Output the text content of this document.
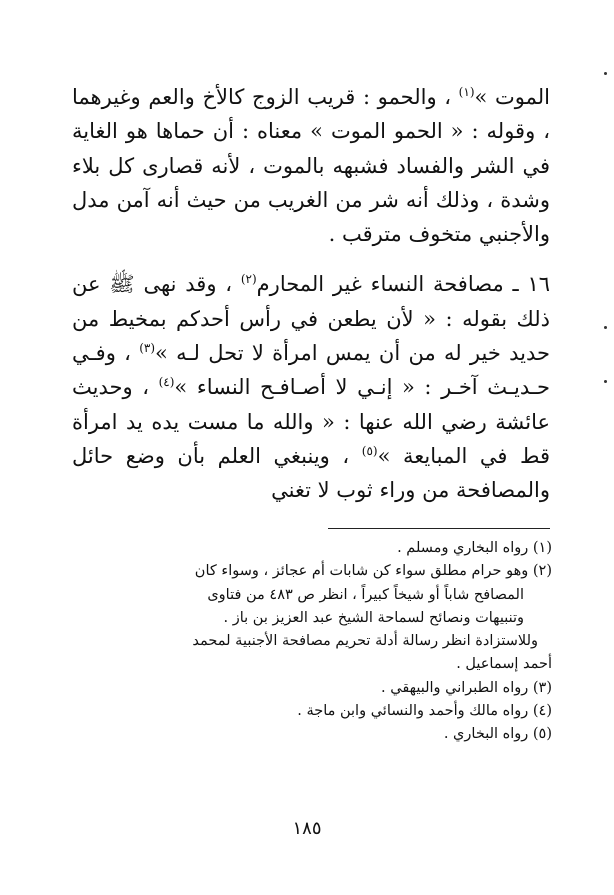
الموت »$^{(١)}$ ، والحمو : قريب الزوج كالأخ والعم وغيرهما ، وقوله : « الحمو الموت » معناه : أن حماها هو الغاية في الشر والفساد فشبهه بالموت ، لأنه قصارى كل بلاء وشدة ، وذلك أنه شر من الغريب من حيث أنه آمن مدل والأجنبي متخوف مترقب .

١٦ ـ مصافحة النساء غير المحارم$^{(٢)}$ ، وقد نهى ﷺ عن ذلك بقوله : « لأن يطعن في رأس أحدكم بمخيط من حديد خير له من أن يمس امرأة لا تحل لـه »$^{(٣)}$ ، وفـي حـديـث آخـر : « إنـي لا أصـافـح النساء »$^{(٤)}$ ، وحديث عائشة رضي الله عنها : « والله ما مست يده يد امرأة قط في المبايعة »$^{(٥)}$ ، وينبغي العلم بأن وضع حائل والمصافحة من وراء ثوب لا تغني

(١) رواه البخاري ومسلم .

(٢) وهو حرام مطلق سواء كن شابات أم عجائز ، وسواء كان

المصافح شاباً أو شيخاً كبيراً ، انظر ص ٤٨٣ من فتاوى

وتنبيهات ونصائح لسماحة الشيخ عبد العزيز بن باز .

وللاستزادة انظر رسالة أدلة تحريم مصافحة الأجنبية لمحمد

أحمد إسماعيل .

(٣) رواه الطبراني والبيهقي .

(٤) رواه مالك وأحمد والنسائي وابن ماجة .

(٥) رواه البخاري .

١٨٥
